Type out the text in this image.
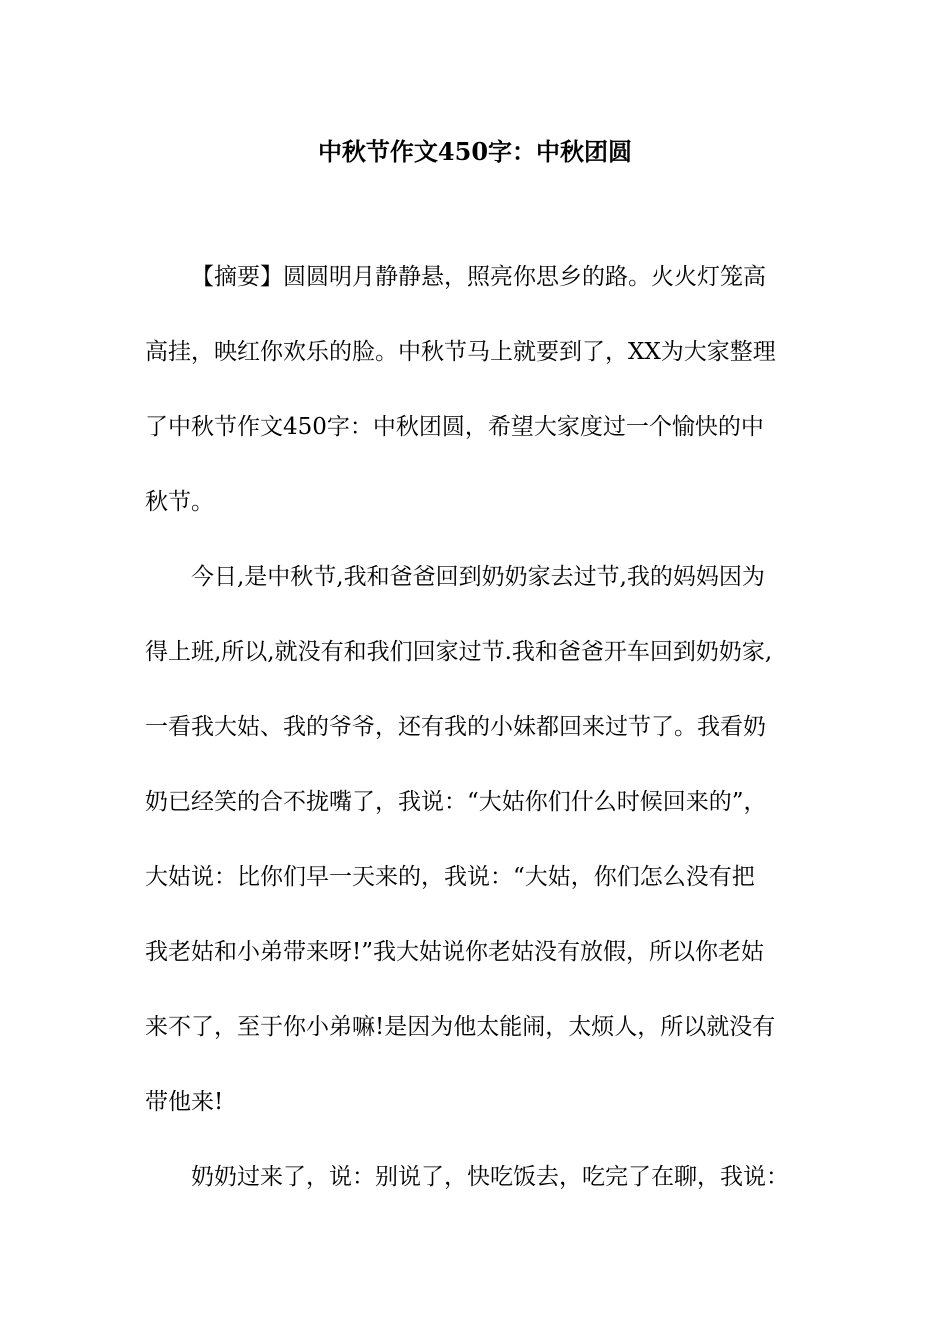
中秋节作文450字：中秋团圆

【摘要】圆圆明月静静悬，照亮你思乡的路。火火灯笼高

高挂，映红你欢乐的脸。中秋节马上就要到了，XX为大家整理

了中秋节作文450字：中秋团圆，希望大家度过一个愉快的中

秋节。

今日,是中秋节,我和爸爸回到奶奶家去过节,我的妈妈因为

得上班,所以,就没有和我们回家过节.我和爸爸开车回到奶奶家,

一看我大姑、我的爷爷，还有我的小妹都回来过节了。我看奶

奶已经笑的合不拢嘴了，我说：“大姑你们什么时候回来的”，

大姑说：比你们早一天来的，我说：“大姑，你们怎么没有把

我老姑和小弟带来呀!”我大姑说你老姑没有放假，所以你老姑

来不了，至于你小弟嘛!是因为他太能闹，太烦人，所以就没有

带他来!

奶奶过来了，说：别说了，快吃饭去，吃完了在聊，我说：
